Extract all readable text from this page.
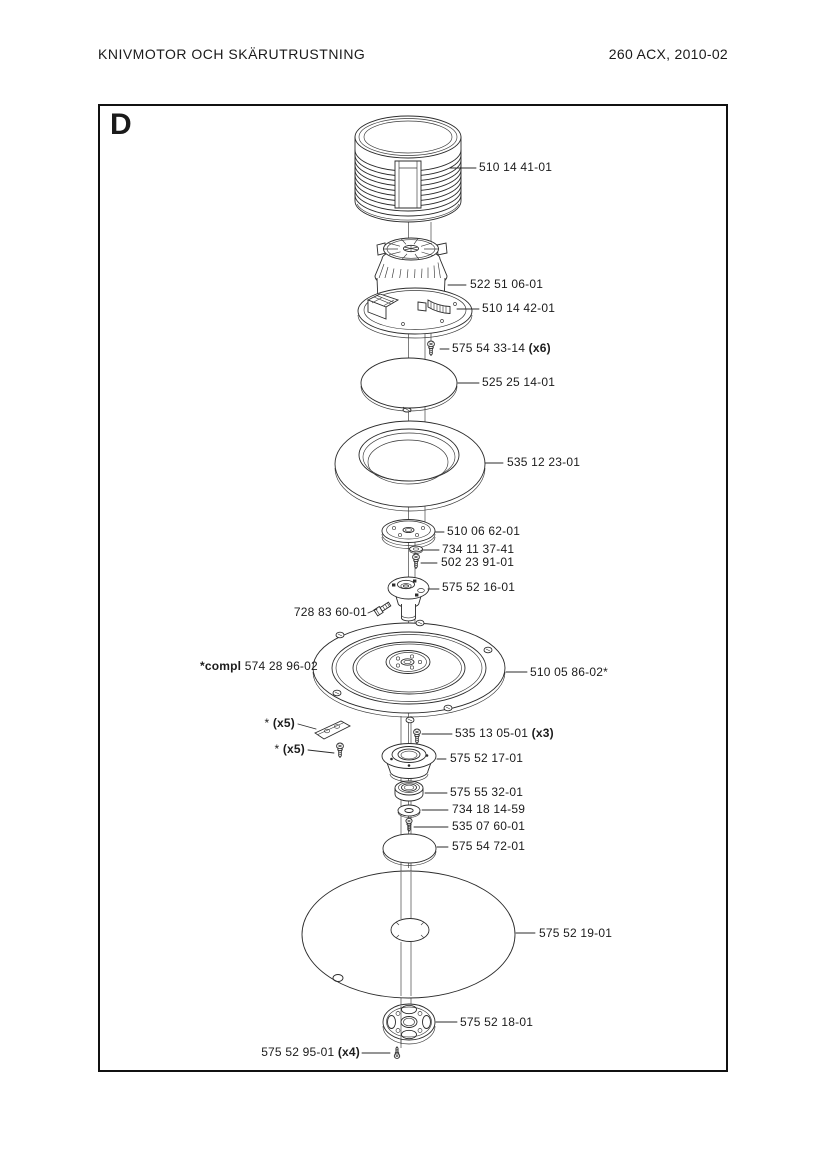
KNIVMOTOR OCH SKÄRUTRUSTNING	260 ACX, 2010-02
D
510 14 41-01
522 51 06-01
510 14 42-01
575 54 33-14 (x6)
525 25 14-01
535 12 23-01
510 06 62-01
734 11 37-41
502 23 91-01
575 52 16-01
728 83 60-01
*compl 574 28 96-02	510 05 86-02*
* (x5)
* (x5)
535 13 05-01 (x3)
575 52 17-01
575 55 32-01
734 18 14-59
535 07 60-01
575 54 72-01
575 52 19-01
575 52 18-01
575 52 95-01 (x4)
